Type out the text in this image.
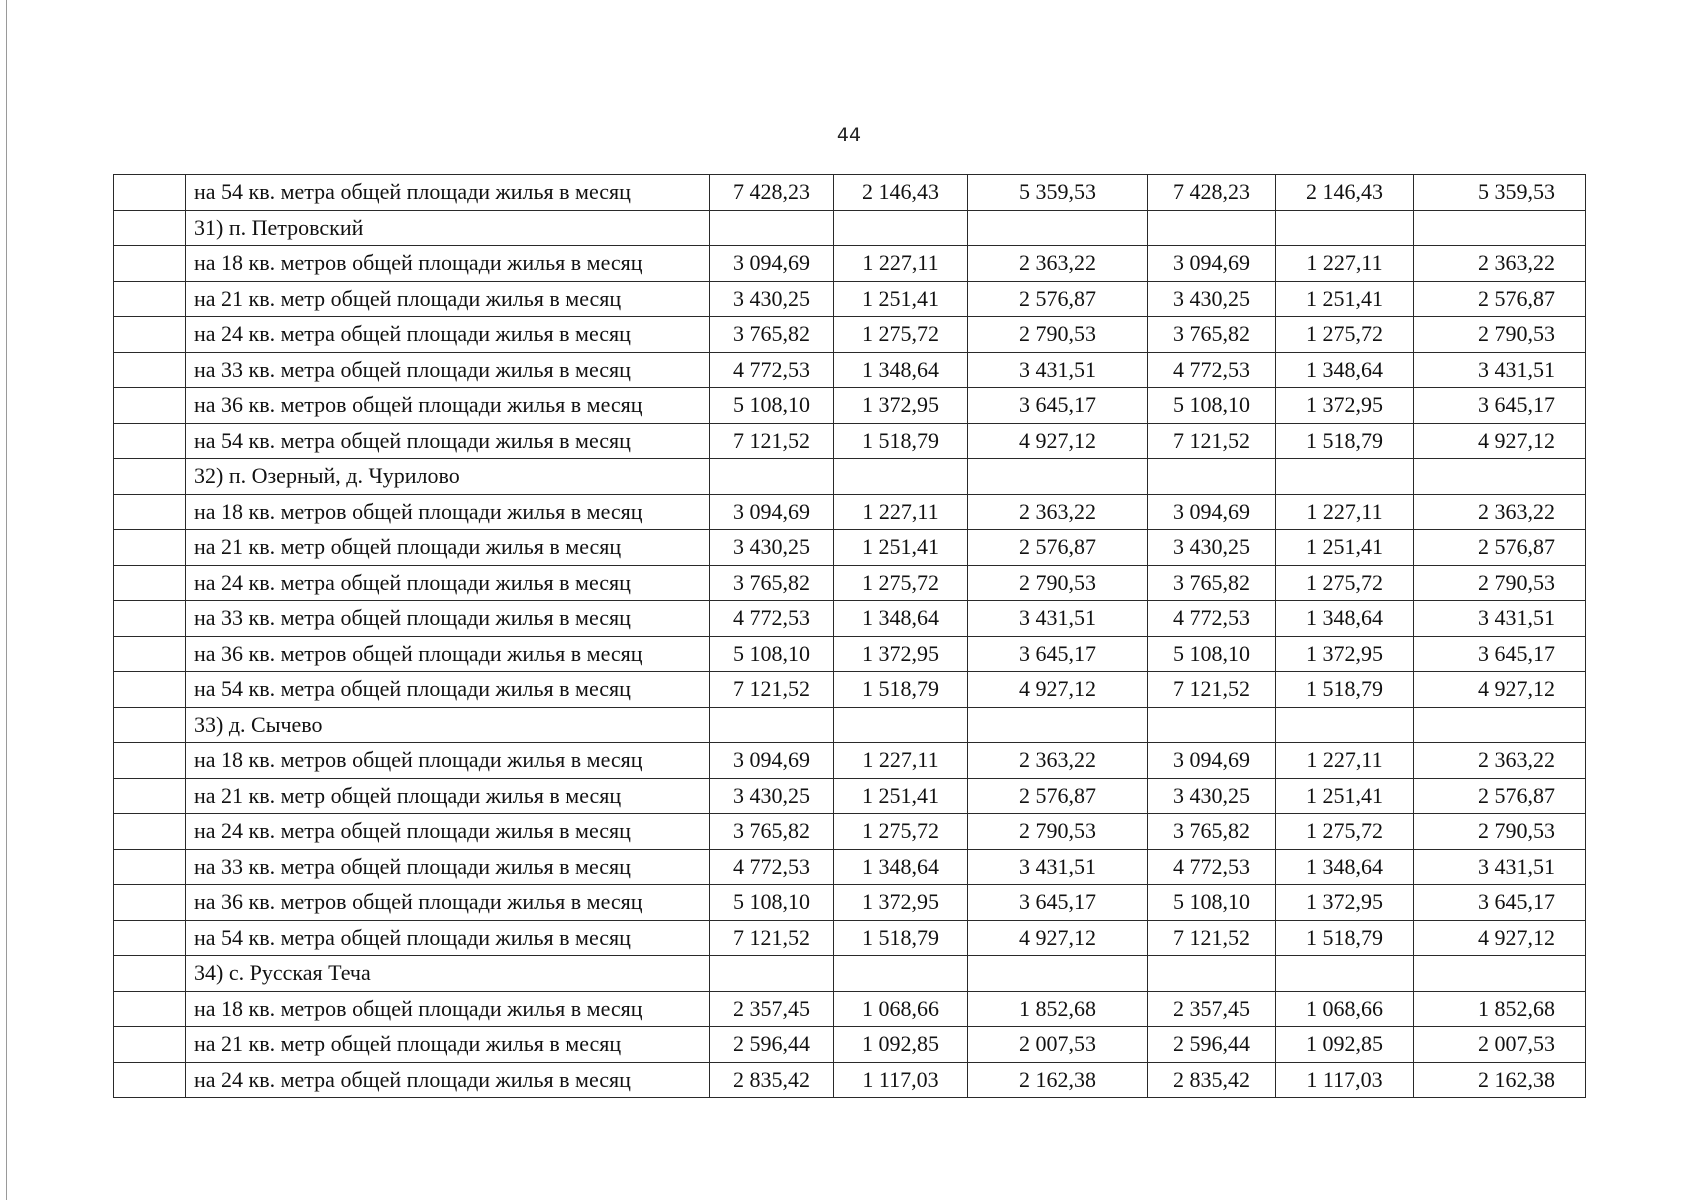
44
	на 54 кв. метра общей площади жилья в месяц	7 428,23	2 146,43	5 359,53	7 428,23	2 146,43	5 359,53
	31) п. Петровский						
	на 18 кв. метров общей площади жилья в месяц	3 094,69	1 227,11	2 363,22	3 094,69	1 227,11	2 363,22
	на 21 кв. метр общей площади жилья в месяц	3 430,25	1 251,41	2 576,87	3 430,25	1 251,41	2 576,87
	на 24 кв. метра общей площади жилья в месяц	3 765,82	1 275,72	2 790,53	3 765,82	1 275,72	2 790,53
	на 33 кв. метра общей площади жилья в месяц	4 772,53	1 348,64	3 431,51	4 772,53	1 348,64	3 431,51
	на 36 кв. метров общей площади жилья в месяц	5 108,10	1 372,95	3 645,17	5 108,10	1 372,95	3 645,17
	на 54 кв. метра общей площади жилья в месяц	7 121,52	1 518,79	4 927,12	7 121,52	1 518,79	4 927,12
	32) п. Озерный, д. Чурилово						
	на 18 кв. метров общей площади жилья в месяц	3 094,69	1 227,11	2 363,22	3 094,69	1 227,11	2 363,22
	на 21 кв. метр общей площади жилья в месяц	3 430,25	1 251,41	2 576,87	3 430,25	1 251,41	2 576,87
	на 24 кв. метра общей площади жилья в месяц	3 765,82	1 275,72	2 790,53	3 765,82	1 275,72	2 790,53
	на 33 кв. метра общей площади жилья в месяц	4 772,53	1 348,64	3 431,51	4 772,53	1 348,64	3 431,51
	на 36 кв. метров общей площади жилья в месяц	5 108,10	1 372,95	3 645,17	5 108,10	1 372,95	3 645,17
	на 54 кв. метра общей площади жилья в месяц	7 121,52	1 518,79	4 927,12	7 121,52	1 518,79	4 927,12
	33) д. Сычево						
	на 18 кв. метров общей площади жилья в месяц	3 094,69	1 227,11	2 363,22	3 094,69	1 227,11	2 363,22
	на 21 кв. метр общей площади жилья в месяц	3 430,25	1 251,41	2 576,87	3 430,25	1 251,41	2 576,87
	на 24 кв. метра общей площади жилья в месяц	3 765,82	1 275,72	2 790,53	3 765,82	1 275,72	2 790,53
	на 33 кв. метра общей площади жилья в месяц	4 772,53	1 348,64	3 431,51	4 772,53	1 348,64	3 431,51
	на 36 кв. метров общей площади жилья в месяц	5 108,10	1 372,95	3 645,17	5 108,10	1 372,95	3 645,17
	на 54 кв. метра общей площади жилья в месяц	7 121,52	1 518,79	4 927,12	7 121,52	1 518,79	4 927,12
	34) с. Русская Теча						
	на 18 кв. метров общей площади жилья в месяц	2 357,45	1 068,66	1 852,68	2 357,45	1 068,66	1 852,68
	на 21 кв. метр общей площади жилья в месяц	2 596,44	1 092,85	2 007,53	2 596,44	1 092,85	2 007,53
	на 24 кв. метра общей площади жилья в месяц	2 835,42	1 117,03	2 162,38	2 835,42	1 117,03	2 162,38
